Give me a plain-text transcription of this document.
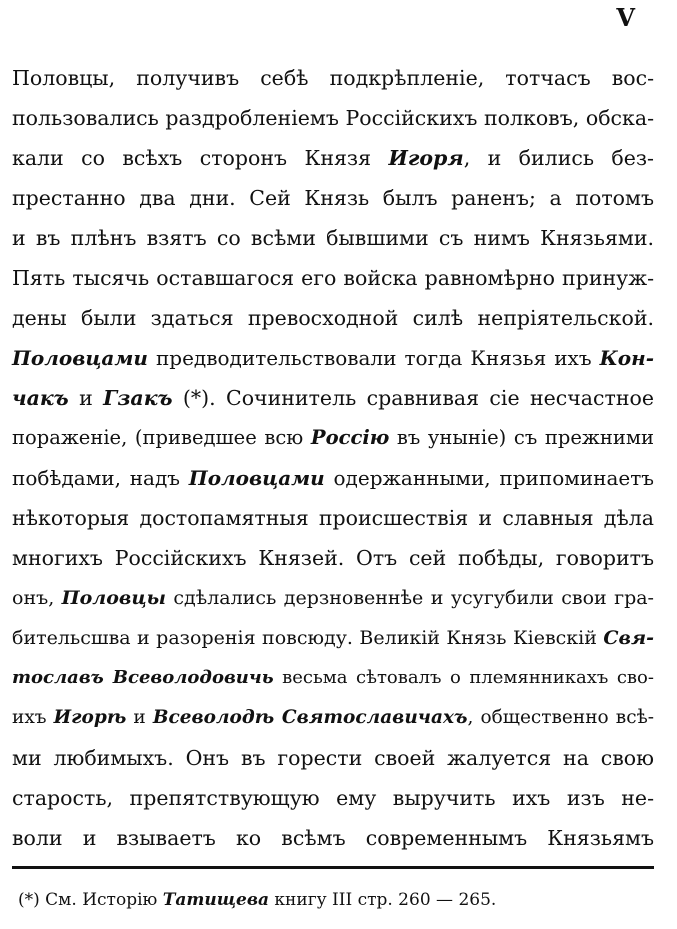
V
Половцы, получивъ себѣ подкрѣпленіе, тотчасъ вос-
пользовались раздробленіемъ Россійскихъ полковъ, обска-
кали со всѣхъ сторонъ Князя Игоря, и бились без-
престанно два дни. Сей Князь былъ раненъ; а потомъ
и въ плѣнъ взятъ со всѣми бывшими съ нимъ Князьями.
Пять тысячь оставшагося его войска равномѣрно принуж-
дены были здаться превосходной силѣ непріятельской.
Половцами предводительствовали тогда Князья ихъ Кон-
чакъ и Гзакъ (*). Сочинитель сравнивая сіе несчастное
пораженіе, (приведшее всю Россію въ уныніе) съ прежними
побѣдами, надъ Половцами одержанными, припоминаетъ
нѣкоторыя достопамятныя происшествія и славныя дѣла
многихъ Россійскихъ Князей. Отъ сей побѣды, говоритъ
онъ, Половцы сдѣлались дерзновеннѣе и усугубили свои гра-
бительсшва и разоренія повсюду. Великій Князь Кіевскій Свя-
тославъ Всеволодовичь весьма сѣтовалъ о племянникахъ сво-
ихъ Игорѣ и Всеволодѣ Святославичахъ, общественно всѣ-
ми любимыхъ. Онъ въ горести своей жалуется на свою
старость, препятствующую ему выручить ихъ изъ не-
воли и взываетъ ко всѣмъ современнымъ Князьямъ
(*) См. Исторію Татищева книгу III стр. 260 — 265.
